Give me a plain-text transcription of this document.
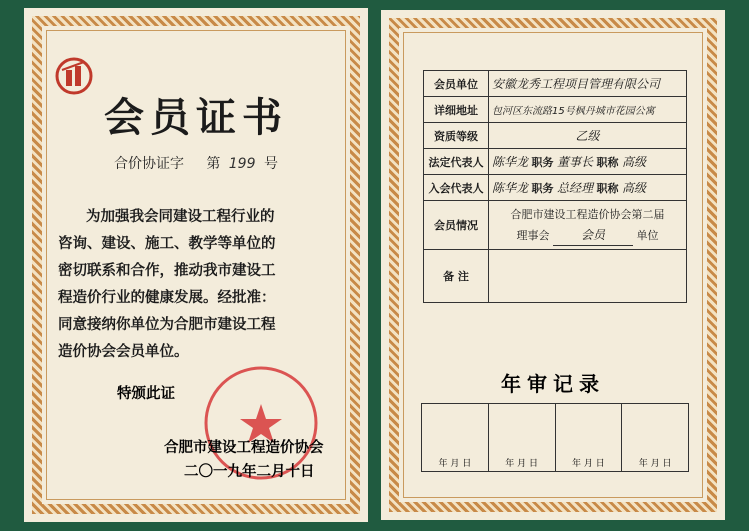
会员证书
合价协证字 第 199 号
为加强我会同建设工程行业的
咨询、建设、施工、教学等单位的
密切联系和合作，推动我市建设工
程造价行业的健康发展。经批准：
同意接纳你单位为合肥市建设工程
造价协会会员单位。
特颁此证
合肥市建设工程造价协会
二〇一九年二月十日
会员单位	安徽龙秀工程项目管理有限公司
详细地址	包河区东流路15号枫丹城市花园公寓
资质等级	乙级
法定代表人	陈华龙 职务 董事长 职称 高级
入会代表人	陈华龙 职务 总经理 职称 高级
会员情况	合肥市建设工程造价协会第二届
理事会 会员 单位

备 注	
年审记录
年 月 日	年 月 日	年 月 日	年 月 日
